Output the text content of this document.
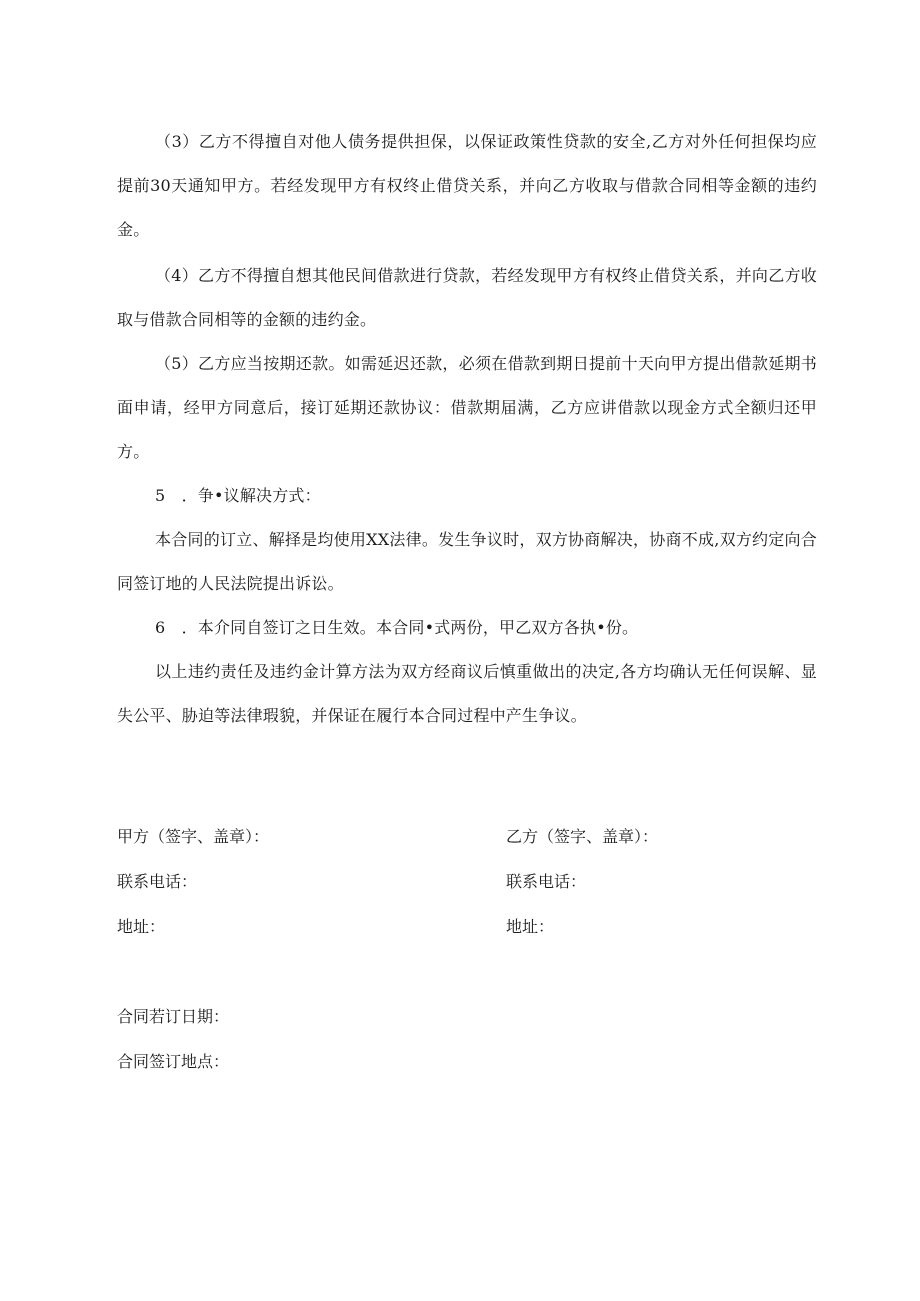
（3）乙方不得擅自对他人债务提供担保，以保证政策性贷款的安全,乙方对外任何担保均应提前30天通知甲方。若经发现甲方有权终止借贷关系，并向乙方收取与借款合同相等金额的违约金。

（4）乙方不得擅自想其他民间借款进行贷款，若经发现甲方有权终止借贷关系，并向乙方收取与借款合同相等的金额的违约金。

（5）乙方应当按期还款。如需延迟还款，必须在借款到期日提前十天向甲方提出借款延期书面申请，经甲方同意后，接订延期还款协议：借款期届满，乙方应讲借款以现金方式全额归还甲方。

5　．争•议解决方式：

本合同的订立、解择是均使用XX法律。发生争议时，双方协商解决，协商不成,双方约定向合同签订地的人民法院提出诉讼。

6　．本介同自签订之日生效。本合同•式两份，甲乙双方各执•份。

以上违约责任及违约金计算方法为双方经商议后慎重做出的决定,各方均确认无任何误解、显失公平、胁迫等法律瑕貌，并保证在履行本合同过程中产生争议。

甲方（签字、盖章）：	乙方（签字、盖章）：

联系电话：	联系电话：

地址：	地址：

合同若订日期：

合同签订地点：
